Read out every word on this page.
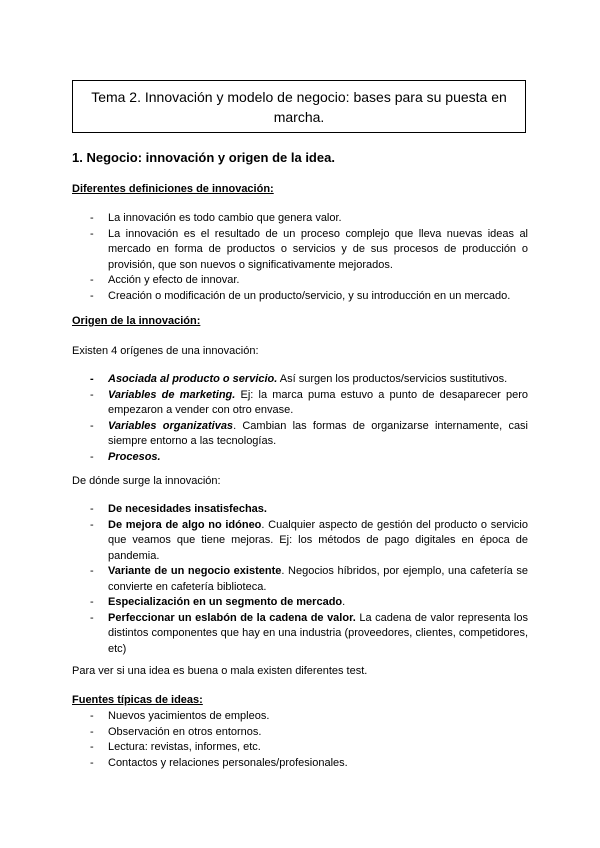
Tema 2. Innovación y modelo de negocio: bases para su puesta en marcha.
1. Negocio: innovación y origen de la idea.
Diferentes definiciones de innovación:
- La innovación es todo cambio que genera valor.
- La innovación es el resultado de un proceso complejo que lleva nuevas ideas al mercado en forma de productos o servicios y de sus procesos de producción o provisión, que son nuevos o significativamente mejorados.
- Acción y efecto de innovar.
- Creación o modificación de un producto/servicio, y su introducción en un mercado.
Origen de la innovación:
Existen 4 orígenes de una innovación:
- Asociada al producto o servicio. Así surgen los productos/servicios sustitutivos.
- Variables de marketing. Ej: la marca puma estuvo a punto de desaparecer pero empezaron a vender con otro envase.
- Variables organizativas. Cambian las formas de organizarse internamente, casi siempre entorno a las tecnologías.
- Procesos.
De dónde surge la innovación:
- De necesidades insatisfechas.
- De mejora de algo no idóneo. Cualquier aspecto de gestión del producto o servicio que veamos que tiene mejoras. Ej: los métodos de pago digitales en época de pandemia.
- Variante de un negocio existente. Negocios híbridos, por ejemplo, una cafetería se convierte en cafetería biblioteca.
- Especialización en un segmento de mercado.
- Perfeccionar un eslabón de la cadena de valor. La cadena de valor representa los distintos componentes que hay en una industria (proveedores, clientes, competidores, etc)
Para ver si una idea es buena o mala existen diferentes test.
Fuentes típicas de ideas:
- Nuevos yacimientos de empleos.
- Observación en otros entornos.
- Lectura: revistas, informes, etc.
- Contactos y relaciones personales/profesionales.
